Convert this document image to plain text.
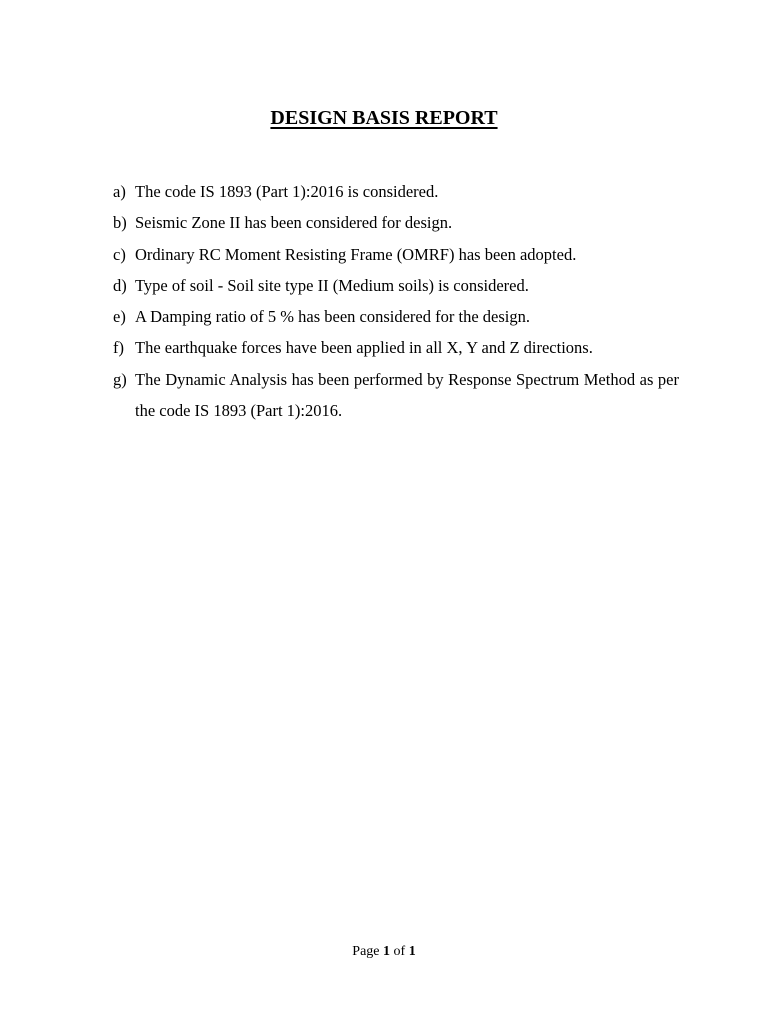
DESIGN BASIS REPORT
a) The code IS 1893 (Part 1):2016 is considered.
b) Seismic Zone II has been considered for design.
c) Ordinary RC Moment Resisting Frame (OMRF) has been adopted.
d) Type of soil - Soil site type II (Medium soils) is considered.
e) A Damping ratio of 5 % has been considered for the design.
f) The earthquake forces have been applied in all X, Y and Z directions.
g) The Dynamic Analysis has been performed by Response Spectrum Method as per the code IS 1893 (Part 1):2016.
Page 1 of 1
